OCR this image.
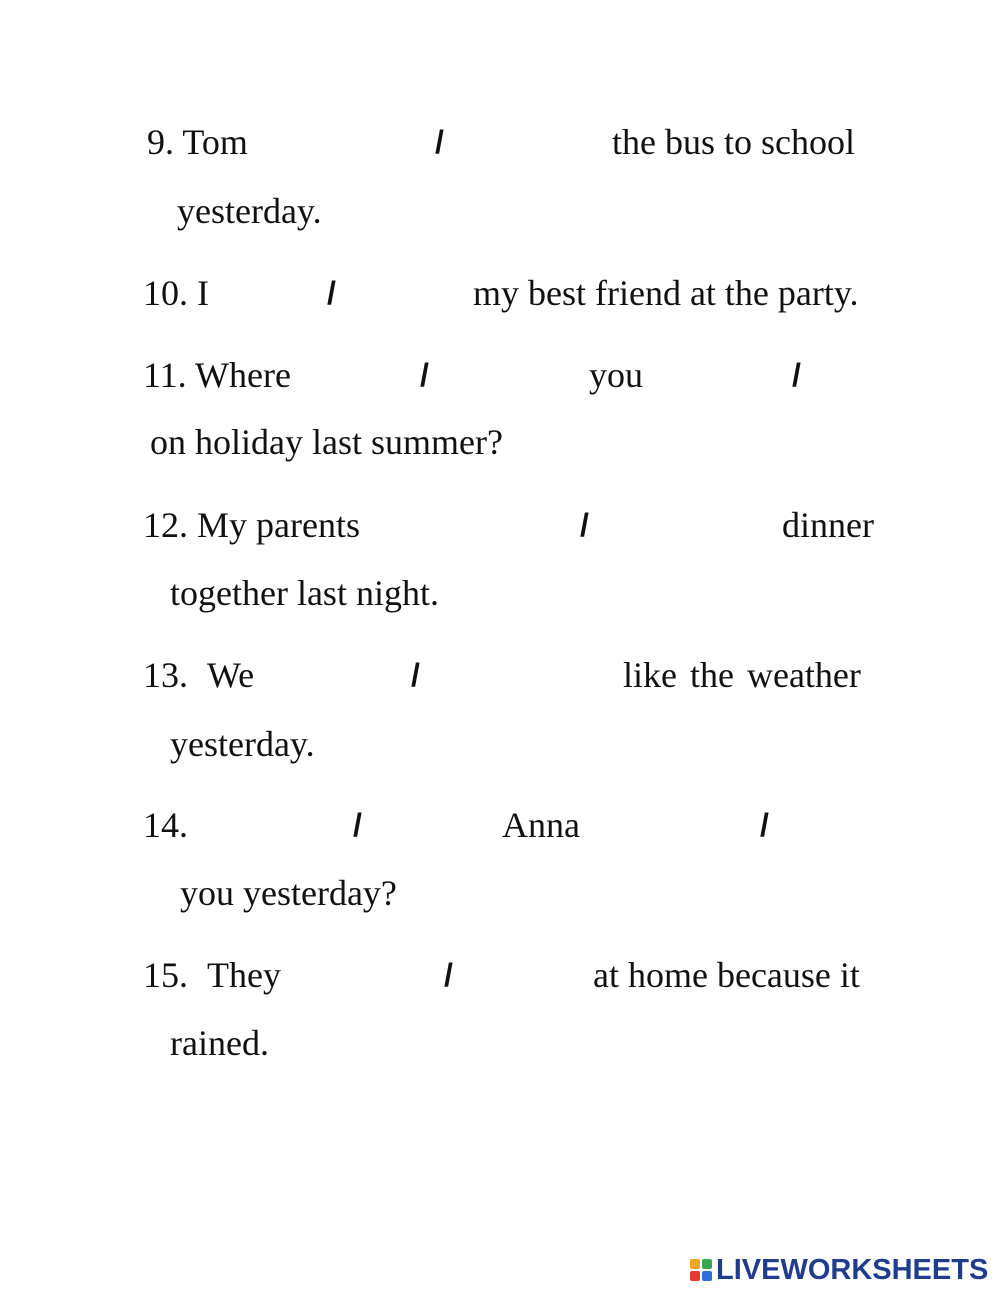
9. Tom	/	the bus to school
yesterday.
10. I	/	my best friend at the party.
11. Where	/	you	/
on holiday last summer?
12. My parents	/	dinner
together last night.
13. We	/	like the weather
yesterday.
14.	/	Anna	/
you yesterday?
15. They	/	at home because it
rained.
LIVEWORKSHEETS
